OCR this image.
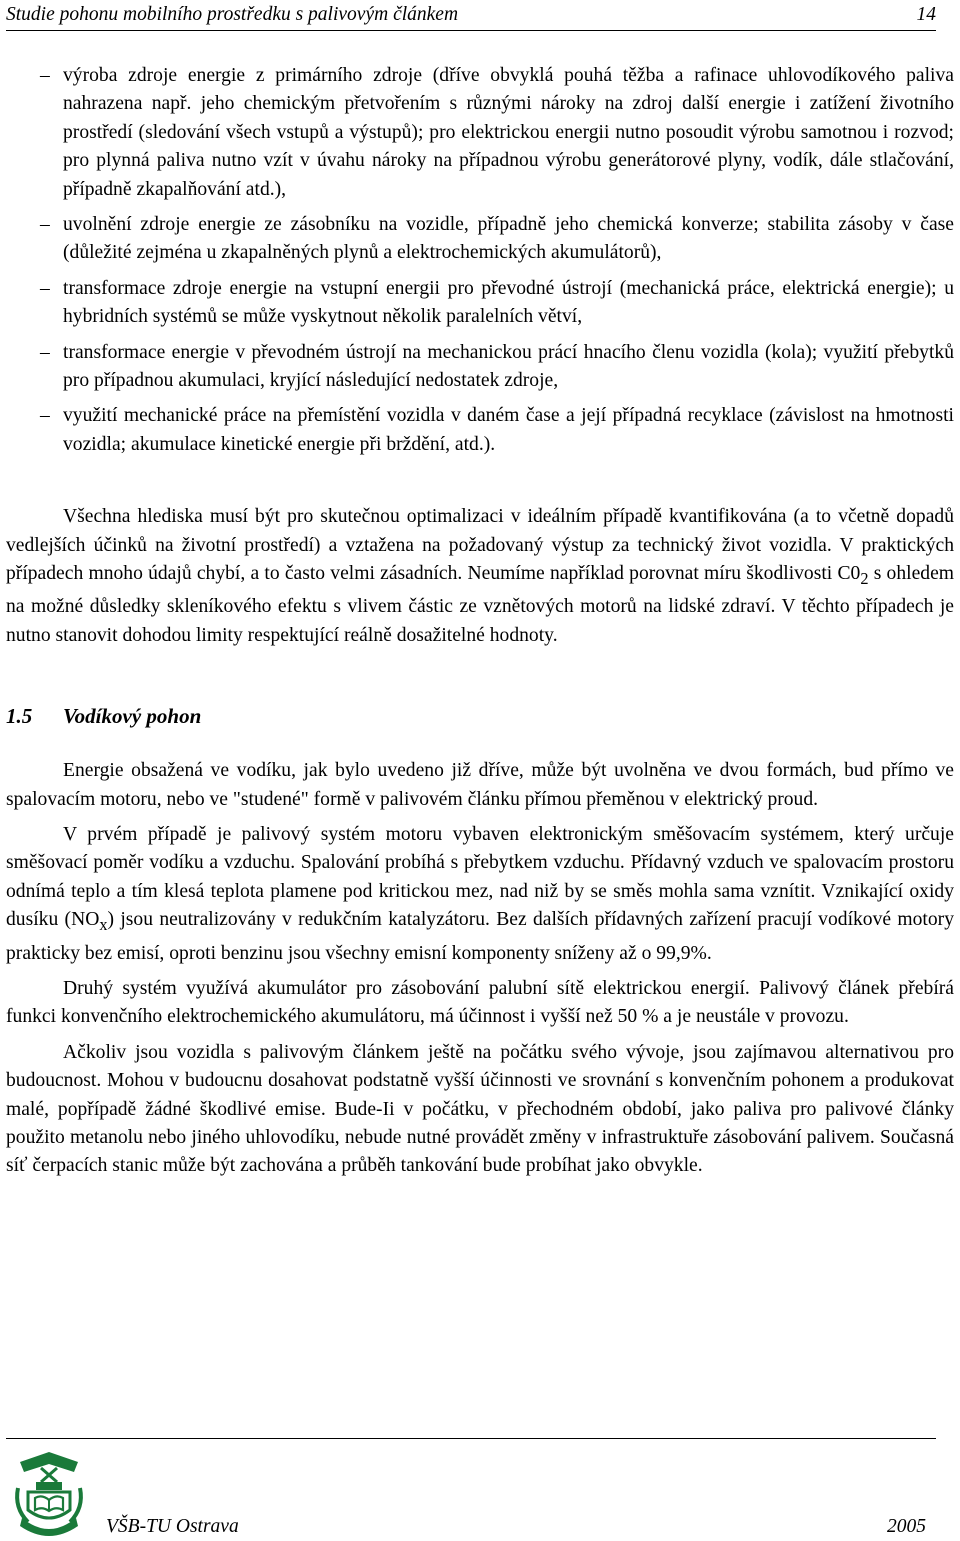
Studie pohonu mobilního prostředku s palivovým článkem	14
– výroba zdroje energie z primárního zdroje (dříve obvyklá pouhá těžba a rafinace uhlovodíkového paliva nahrazena např. jeho chemickým přetvořením s různými nároky na zdroj další energie i zatížení životního prostředí (sledování všech vstupů a výstupů); pro elektrickou energii nutno posoudit výrobu samotnou i rozvod; pro plynná paliva nutno vzít v úvahu nároky na případnou výrobu generátorové plyny, vodík, dále stlačování, případně zkapalňování atd.),
– uvolnění zdroje energie ze zásobníku na vozidle, případně jeho chemická konverze; stabilita zásoby v čase (důležité zejména u zkapalněných plynů a elektrochemických akumulátorů),
– transformace zdroje energie na vstupní energii pro převodné ústrojí (mechanická práce, elektrická energie); u hybridních systémů se může vyskytnout několik paralelních větví,
– transformace energie v převodném ústrojí na mechanickou prácí hnacího členu vozidla (kola); využití přebytků pro případnou akumulaci, kryjící následující nedostatek zdroje,
– využití mechanické práce na přemístění vozidla v daném čase a její případná recyklace (závislost na hmotnosti vozidla; akumulace kinetické energie při brždění, atd.).

Všechna hlediska musí být pro skutečnou optimalizaci v ideálním případě kvantifikována (a to včetně dopadů vedlejších účinků na životní prostředí) a vztažena na požadovaný výstup za technický život vozidla. V praktických případech mnoho údajů chybí, a to často velmi zásadních. Neumíme například porovnat míru škodlivosti $C0_2$ s ohledem na možné důsledky skleníkového efektu s vlivem částic ze vznětových motorů na lidské zdraví. V těchto případech je nutno stanovit dohodou limity respektující reálně dosažitelné hodnoty.

1.5 Vodíkový pohon

Energie obsažená ve vodíku, jak bylo uvedeno již dříve, může být uvolněna ve dvou formách, bud přímo ve spalovacím motoru, nebo ve "studené" formě v palivovém článku přímou přeměnou v elektrický proud.

V prvém případě je palivový systém motoru vybaven elektronickým směšovacím systémem, který určuje směšovací poměr vodíku a vzduchu. Spalování probíhá s přebytkem vzduchu. Přídavný vzduch ve spalovacím prostoru odnímá teplo a tím klesá teplota plamene pod kritickou mez, nad niž by se směs mohla sama vznítit. Vznikající oxidy dusíku $(NO_x)$ jsou neutralizovány v redukčním katalyzátoru. Bez dalších přídavných zařízení pracují vodíkové motory prakticky bez emisí, oproti benzinu jsou všechny emisní komponenty sníženy až o 99,9%.

Druhý systém využívá akumulátor pro zásobování palubní sítě elektrickou energií. Palivový článek přebírá funkci konvenčního elektrochemického akumulátoru, má účinnost i vyšší než 50 % a je neustále v provozu.

Ačkoliv jsou vozidla s palivovým článkem ještě na počátku svého vývoje, jsou zajímavou alternativou pro budoucnost. Mohou v budoucnu dosahovat podstatně vyšší účinnosti ve srovnání s konvenčním pohonem a produkovat malé, popřípadě žádné škodlivé emise. Bude-Ii v počátku, v přechodném období, jako paliva pro palivové články použito metanolu nebo jiného uhlovodíku, nebude nutné provádět změny v infrastruktuře zásobování palivem. Současná síť čerpacích stanic může být zachována a průběh tankování bude probíhat jako obvykle.

VŠB-TU Ostrava	2005
